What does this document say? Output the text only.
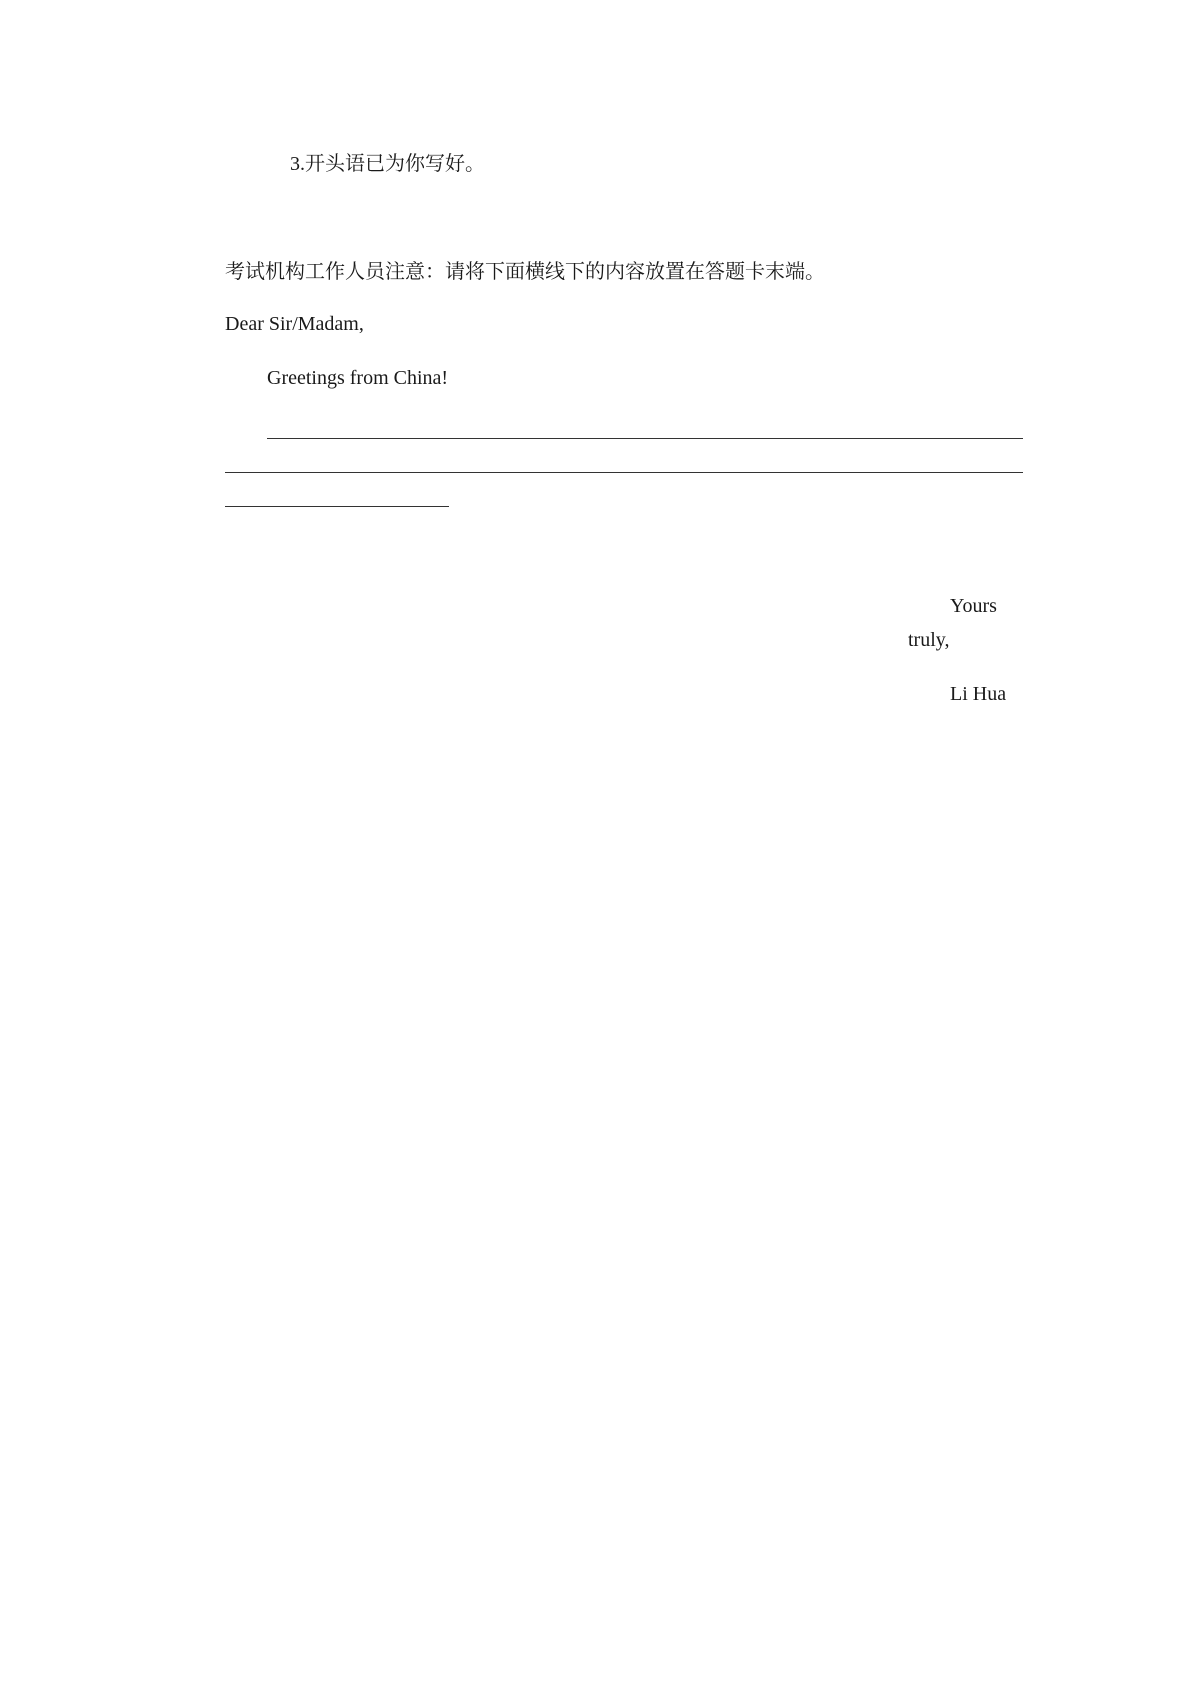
3.开头语已为你写好。
考试机构工作人员注意：请将下面横线下的内容放置在答题卡末端。
Dear Sir/Madam,
Greetings from China!
Yours
truly,
Li Hua
